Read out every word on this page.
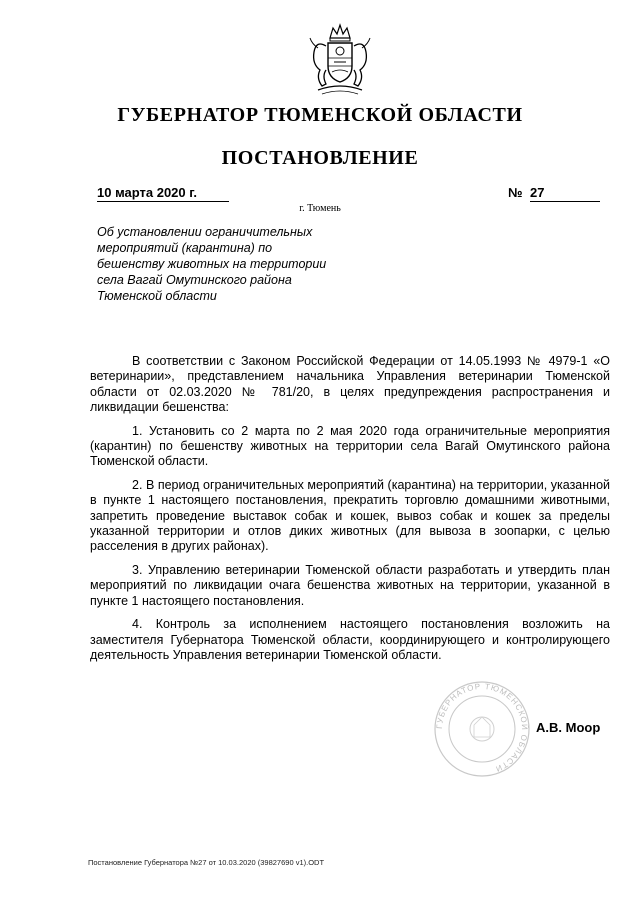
ГУБЕРНАТОР ТЮМЕНСКОЙ ОБЛАСТИ
ПОСТАНОВЛЕНИЕ
10 марта 2020 г.	№ 27
г. Тюмень
Об установлении ограничительных
мероприятий (карантина) по
бешенству животных на территории
села Вагай Омутинского района
Тюменской области

В соответствии с Законом Российской Федерации от 14.05.1993 № 4979-1 «О ветеринарии», представлением начальника Управления ветеринарии Тюменской области от 02.03.2020 № 781/20, в целях предупреждения распространения и ликвидации бешенства:

1. Установить со 2 марта по 2 мая 2020 года ограничительные мероприятия (карантин) по бешенству животных на территории села Вагай Омутинского района Тюменской области.

2. В период ограничительных мероприятий (карантина) на территории, указанной в пункте 1 настоящего постановления, прекратить торговлю домашними животными, запретить проведение выставок собак и кошек, вывоз собак и кошек за пределы указанной территории и отлов диких животных (для вывоза в зоопарки, с целью расселения в других районах).

3. Управлению ветеринарии Тюменской области разработать и утвердить план мероприятий по ликвидации очага бешенства животных на территории, указанной в пункте 1 настоящего постановления.

4. Контроль за исполнением настоящего постановления возложить на заместителя Губернатора Тюменской области, координирующего и контролирующего деятельность Управления ветеринарии Тюменской области.

ГУБЕРНАТОР ТЮМЕНСКОЙ ОБЛАСТИ
А.В. Моор
Постановление Губернатора №27 от 10.03.2020 (39827690 v1).ODT
